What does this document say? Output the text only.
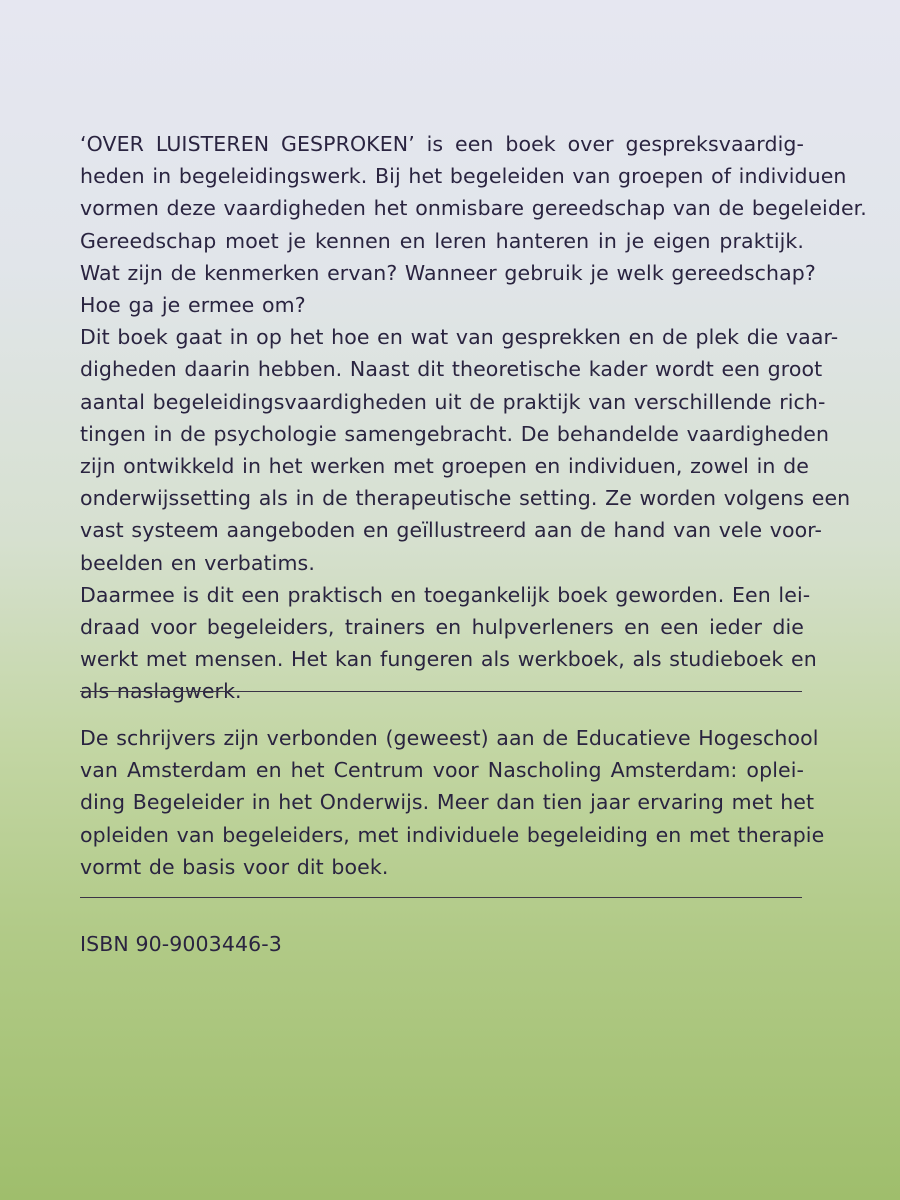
‘OVER LUISTEREN GESPROKEN’ is een boek over gespreksvaardig-
heden in begeleidingswerk. Bij het begeleiden van groepen of individuen
vormen deze vaardigheden het onmisbare gereedschap van de begeleider.
Gereedschap moet je kennen en leren hanteren in je eigen praktijk.
Wat zijn de kenmerken ervan? Wanneer gebruik je welk gereedschap?
Hoe ga je ermee om?

Dit boek gaat in op het hoe en wat van gesprekken en de plek die vaar-
digheden daarin hebben. Naast dit theoretische kader wordt een groot
aantal begeleidingsvaardigheden uit de praktijk van verschillende rich-
tingen in de psychologie samengebracht. De behandelde vaardigheden
zijn ontwikkeld in het werken met groepen en individuen, zowel in de
onderwijssetting als in de therapeutische setting. Ze worden volgens een
vast systeem aangeboden en geïllustreerd aan de hand van vele voor-
beelden en verbatims.

Daarmee is dit een praktisch en toegankelijk boek geworden. Een lei-
draad voor begeleiders, trainers en hulpverleners en een ieder die
werkt met mensen. Het kan fungeren als werkboek, als studieboek en
als naslagwerk.

De schrijvers zijn verbonden (geweest) aan de Educatieve Hogeschool
van Amsterdam en het Centrum voor Nascholing Amsterdam: oplei-
ding Begeleider in het Onderwijs. Meer dan tien jaar ervaring met het
opleiden van begeleiders, met individuele begeleiding en met therapie
vormt de basis voor dit boek.
ISBN 90-9003446-3
